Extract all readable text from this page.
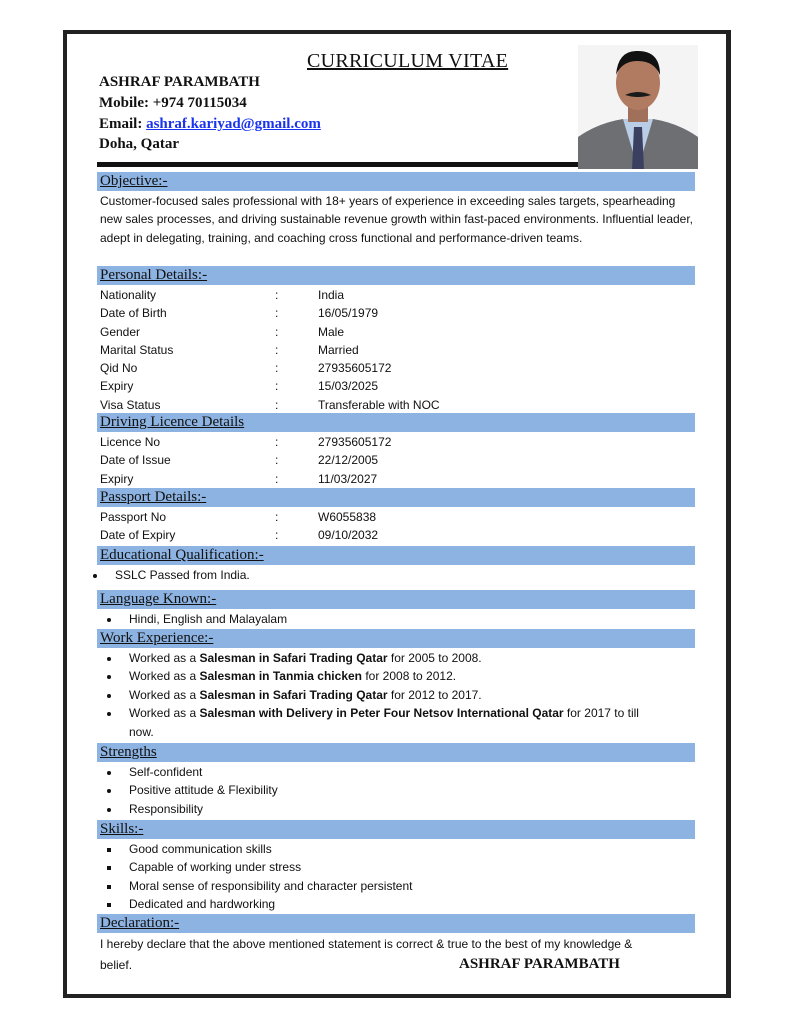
CURRICULUM VITAE
ASHRAF PARAMBATH
Mobile: +974 70115034
Email: ashraf.kariyad@gmail.com
Doha, Qatar
Objective:-
Customer-focused sales professional with 18+ years of experience in exceeding sales targets, spearheading new sales processes, and driving sustainable revenue growth within fast-paced environments. Influential leader, adept in delegating, training, and coaching cross functional and performance-driven teams.
Personal Details:-
Nationality	:	India
Date of Birth	:	16/05/1979
Gender	:	Male
Marital Status	:	Married
Qid No	:	27935605172
Expiry	:	15/03/2025
Visa Status	:	Transferable with NOC
Driving Licence Details
Licence No	:	27935605172
Date of Issue	:	22/12/2005
Expiry	:	11/03/2027
Passport Details:-
Passport No	:	W6055838
Date of Expiry	:	09/10/2032
Educational Qualification:-
• SSLC Passed from India.
Language Known:-
• Hindi, English and Malayalam
Work Experience:-
• Worked as a Salesman in Safari Trading Qatar for 2005 to 2008.
• Worked as a Salesman in Tanmia chicken for 2008 to 2012.
• Worked as a Salesman in Safari Trading Qatar for 2012 to 2017.
• Worked as a Salesman with Delivery in Peter Four Netsov International Qatar for 2017 to till now.
Strengths
• Self-confident
• Positive attitude & Flexibility
• Responsibility
Skills:-
▪ Good communication skills
▪ Capable of working under stress
▪ Moral sense of responsibility and character persistent
▪ Dedicated and hardworking
Declaration:-
I hereby declare that the above mentioned statement is correct & true to the best of my knowledge & belief.	ASHRAF PARAMBATH
